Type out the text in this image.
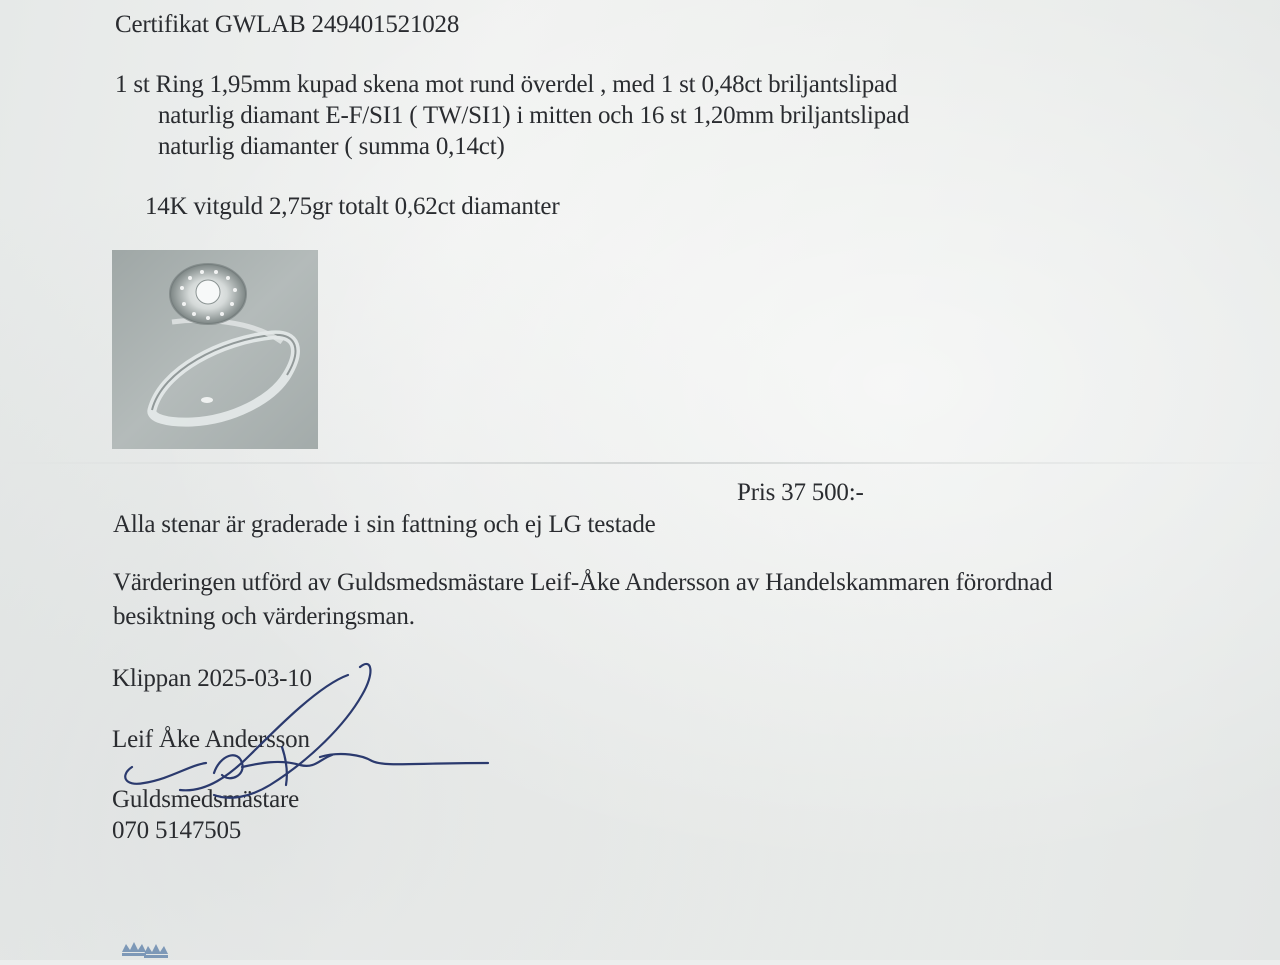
Certifikat GWLAB 249401521028
1 st Ring 1,95mm kupad skena mot rund överdel , med 1 st 0,48ct briljantslipad
naturlig diamant E-F/SI1 ( TW/SI1) i mitten och 16 st 1,20mm briljantslipad
naturlig diamanter ( summa 0,14ct)
14K vitguld 2,75gr totalt 0,62ct diamanter
Pris 37 500:-
Alla stenar är graderade i sin fattning och ej LG testade
Värderingen utförd av Guldsmedsmästare Leif-Åke Andersson av Handelskammaren förordnad
besiktning och värderingsman.
Klippan 2025-03-10
Leif Åke Andersson
Guldsmedsmästare
070 5147505
